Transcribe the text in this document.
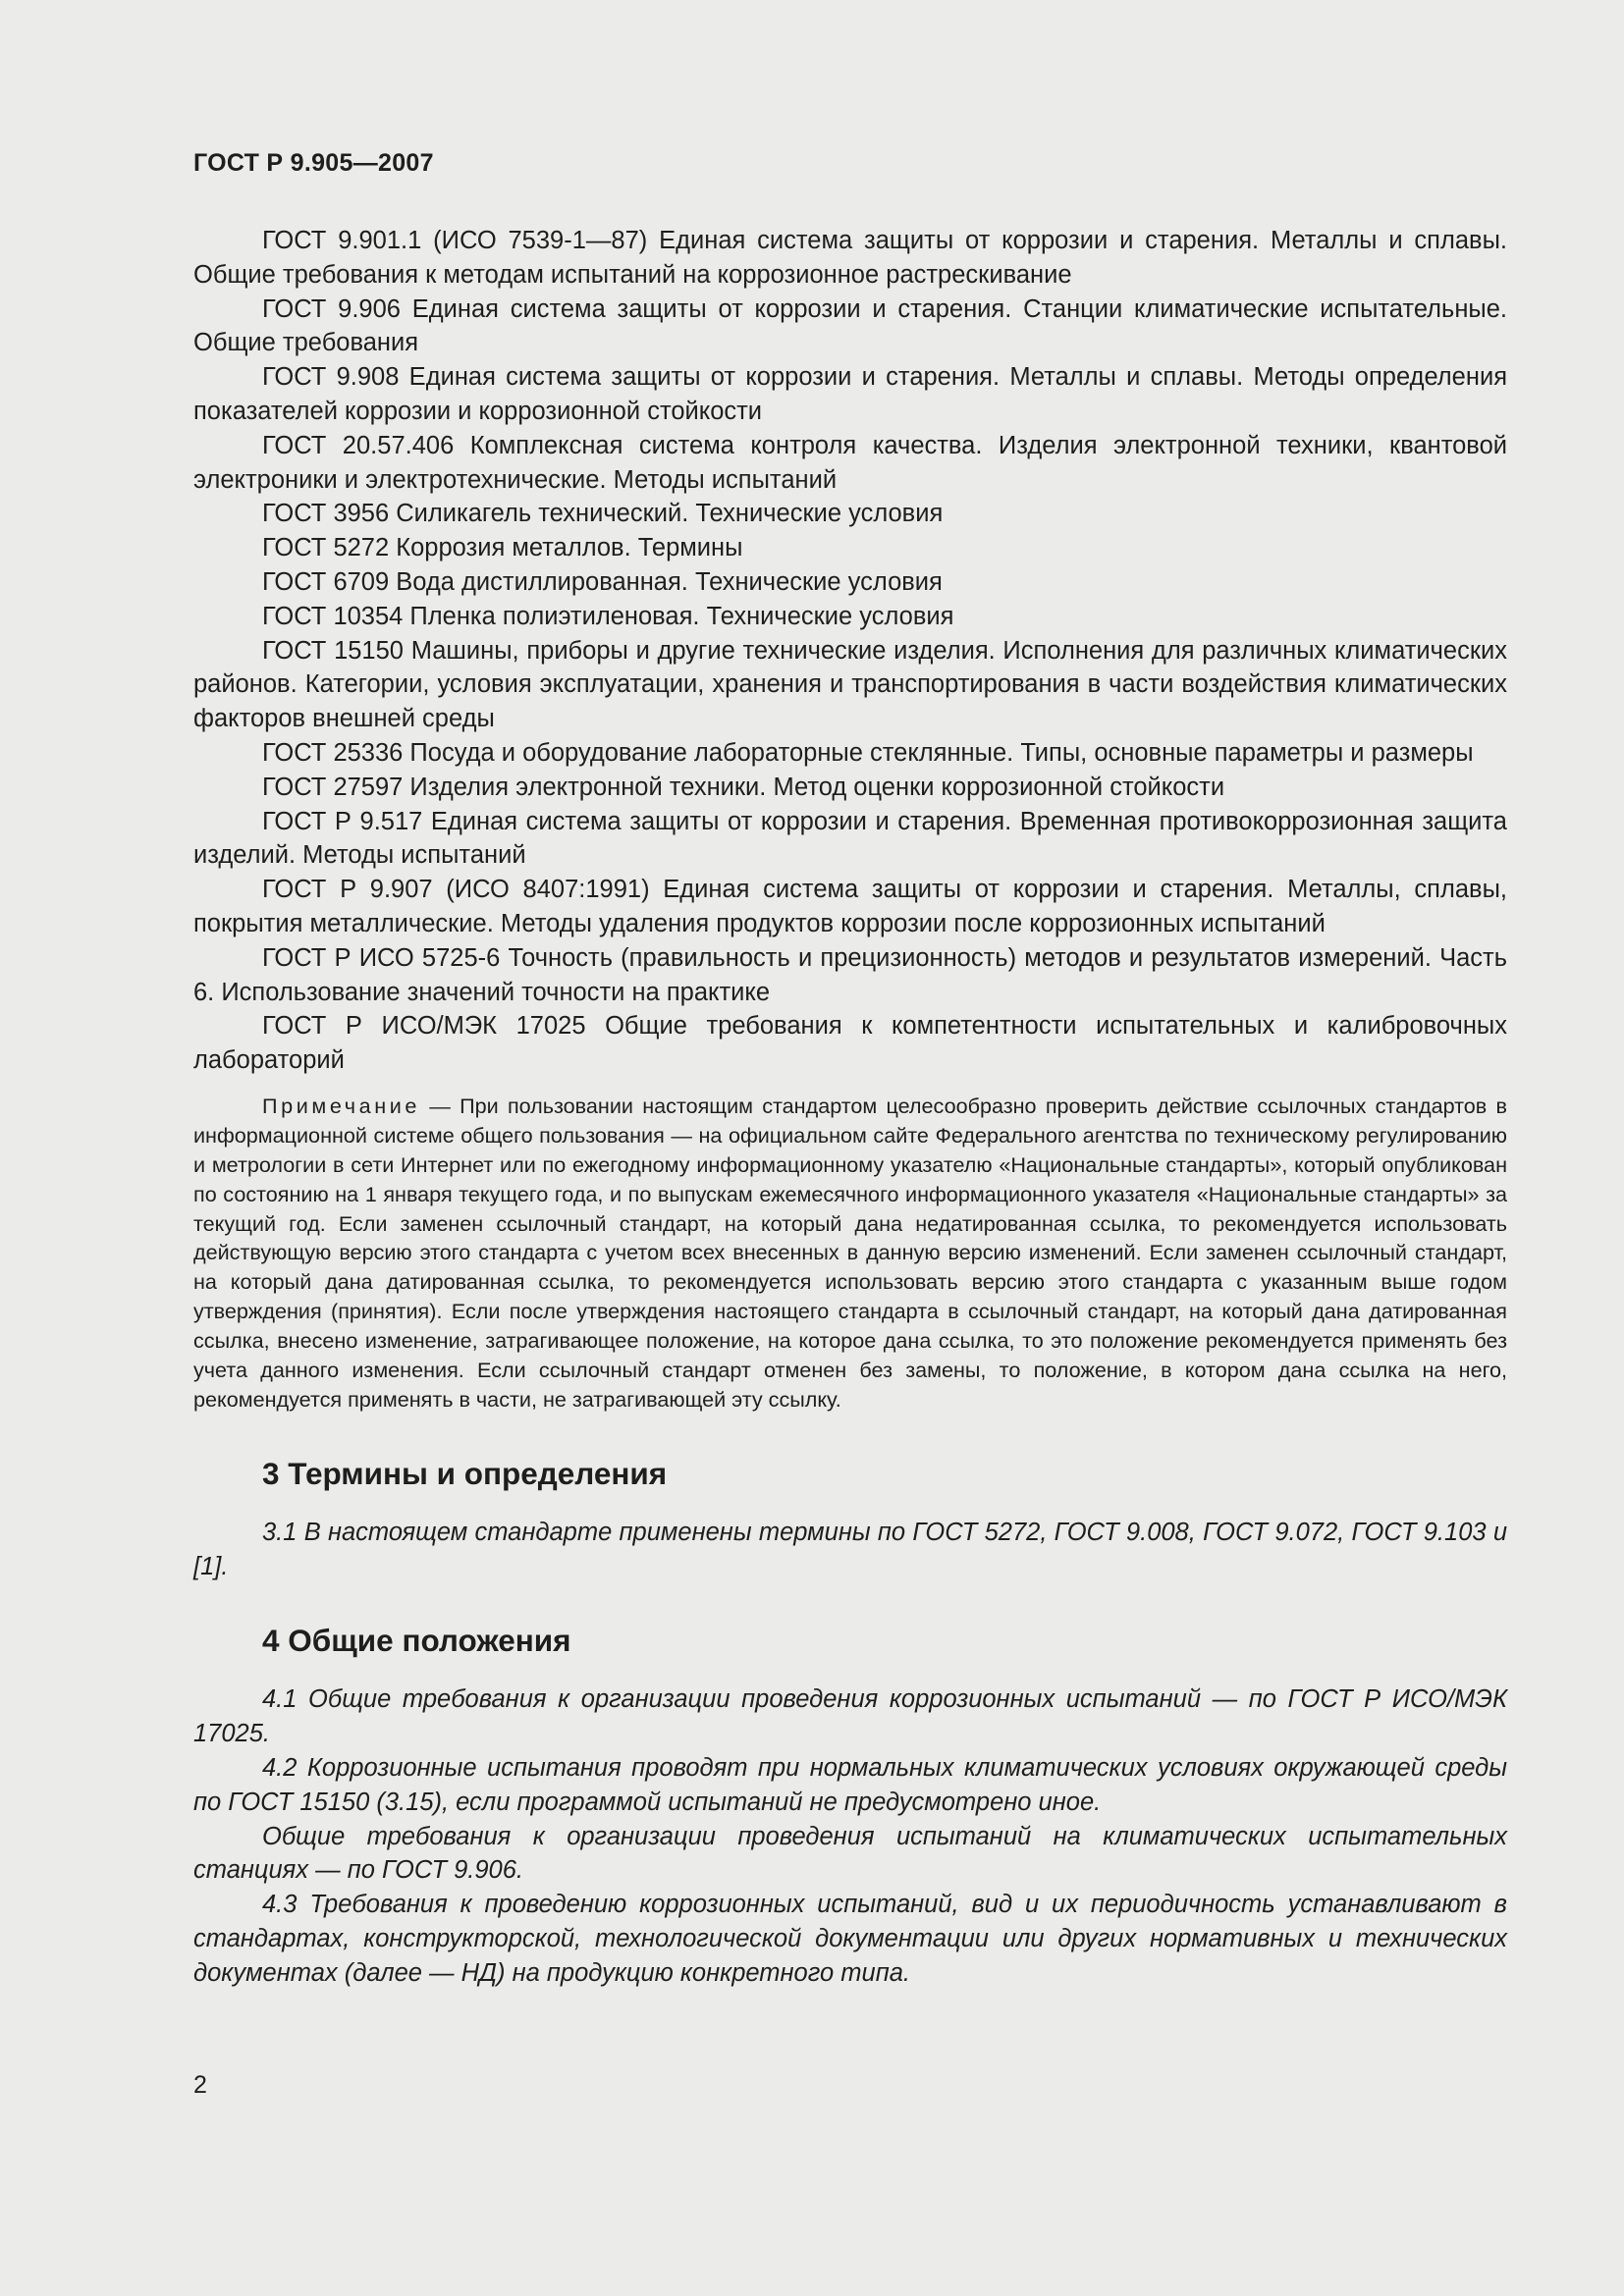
ГОСТ Р 9.905—2007

ГОСТ 9.901.1 (ИСО 7539-1—87) Единая система защиты от коррозии и старения. Металлы и сплавы. Общие требования к методам испытаний на коррозионное растрескивание

ГОСТ 9.906 Единая система защиты от коррозии и старения. Станции климатические испытательные. Общие требования

ГОСТ 9.908 Единая система защиты от коррозии и старения. Металлы и сплавы. Методы определения показателей коррозии и коррозионной стойкости

ГОСТ 20.57.406 Комплексная система контроля качества. Изделия электронной техники, квантовой электроники и электротехнические. Методы испытаний

ГОСТ 3956 Силикагель технический. Технические условия

ГОСТ 5272 Коррозия металлов. Термины

ГОСТ 6709 Вода дистиллированная. Технические условия

ГОСТ 10354 Пленка полиэтиленовая. Технические условия

ГОСТ 15150 Машины, приборы и другие технические изделия. Исполнения для различных климатических районов. Категории, условия эксплуатации, хранения и транспортирования в части воздействия климатических факторов внешней среды

ГОСТ 25336 Посуда и оборудование лабораторные стеклянные. Типы, основные параметры и размеры

ГОСТ 27597 Изделия электронной техники. Метод оценки коррозионной стойкости

ГОСТ Р 9.517 Единая система защиты от коррозии и старения. Временная противокоррозионная защита изделий. Методы испытаний

ГОСТ Р 9.907 (ИСО 8407:1991) Единая система защиты от коррозии и старения. Металлы, сплавы, покрытия металлические. Методы удаления продуктов коррозии после коррозионных испытаний

ГОСТ Р ИСО 5725-6 Точность (правильность и прецизионность) методов и результатов измерений. Часть 6. Использование значений точности на практике

ГОСТ Р ИСО/МЭК 17025 Общие требования к компетентности испытательных и калибровочных лабораторий

Примечание — При пользовании настоящим стандартом целесообразно проверить действие ссылочных стандартов в информационной системе общего пользования — на официальном сайте Федерального агентства по техническому регулированию и метрологии в сети Интернет или по ежегодному информационному указателю «Национальные стандарты», который опубликован по состоянию на 1 января текущего года, и по выпускам ежемесячного информационного указателя «Национальные стандарты» за текущий год. Если заменен ссылочный стандарт, на который дана недатированная ссылка, то рекомендуется использовать действующую версию этого стандарта с учетом всех внесенных в данную версию изменений. Если заменен ссылочный стандарт, на который дана датированная ссылка, то рекомендуется использовать версию этого стандарта с указанным выше годом утверждения (принятия). Если после утверждения настоящего стандарта в ссылочный стандарт, на который дана датированная ссылка, внесено изменение, затрагивающее положение, на которое дана ссылка, то это положение рекомендуется применять без учета данного изменения. Если ссылочный стандарт отменен без замены, то положение, в котором дана ссылка на него, рекомендуется применять в части, не затрагивающей эту ссылку.

3 Термины и определения

3.1 В настоящем стандарте применены термины по ГОСТ 5272, ГОСТ 9.008, ГОСТ 9.072, ГОСТ 9.103 и [1].

4 Общие положения

4.1 Общие требования к организации проведения коррозионных испытаний — по ГОСТ Р ИСО/МЭК 17025.

4.2 Коррозионные испытания проводят при нормальных климатических условиях окружающей среды по ГОСТ 15150 (3.15), если программой испытаний не предусмотрено иное.

Общие требования к организации проведения испытаний на климатических испытательных станциях — по ГОСТ 9.906.

4.3 Требования к проведению коррозионных испытаний, вид и их периодичность устанавливают в стандартах, конструкторской, технологической документации или других нормативных и технических документах (далее — НД) на продукцию конкретного типа.

2
